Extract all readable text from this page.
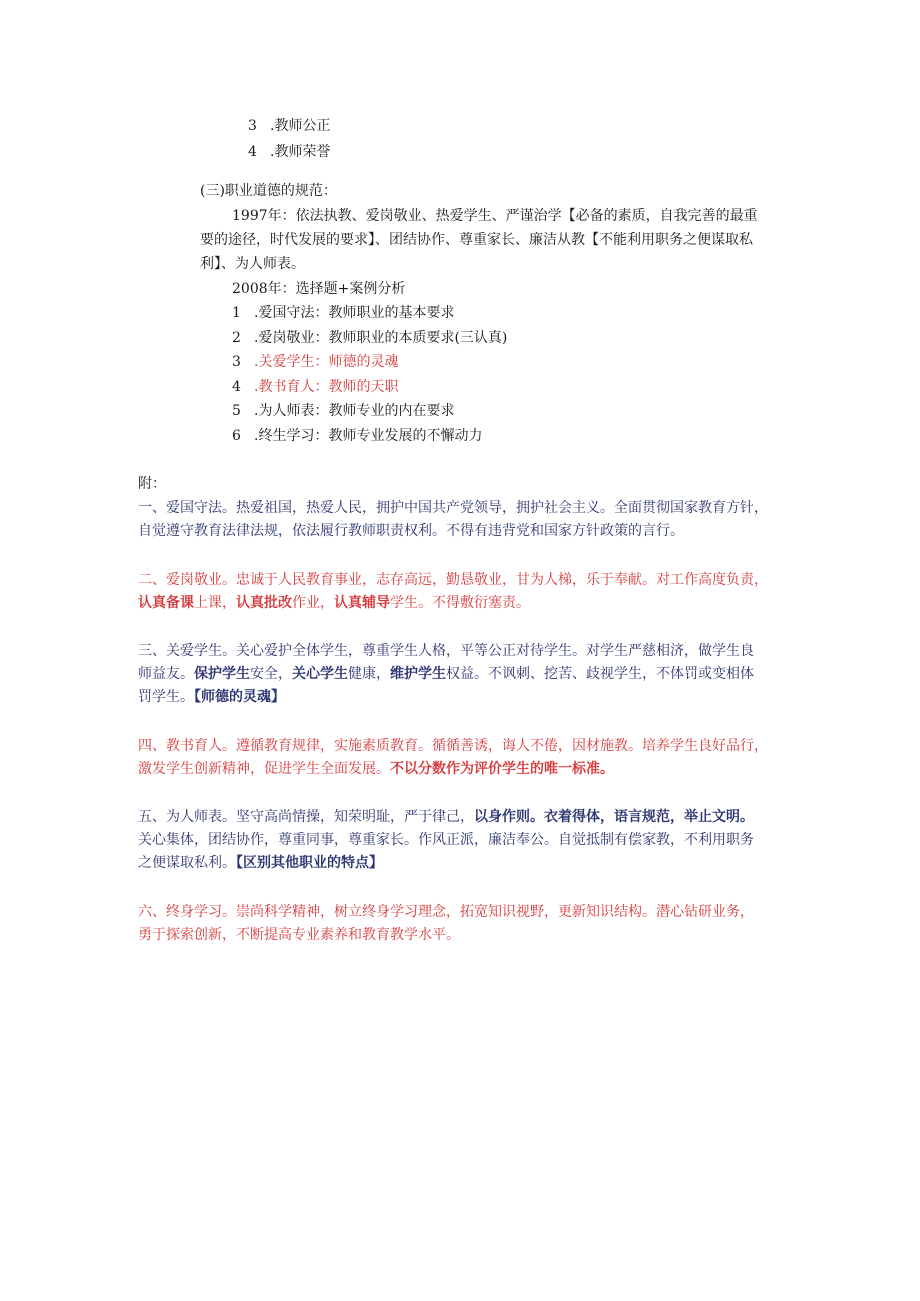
3 .教师公正
4 .教师荣誉
(三)职业道德的规范：
1997年：依法执教、爱岗敬业、热爱学生、严谨治学【必备的素质，自我完善的最重
要的途径，时代发展的要求】、团结协作、尊重家长、廉洁从教【不能利用职务之便谋取私
利】、为人师表。
2008年：选择题+案例分析
1 .爱国守法：教师职业的基本要求
2 .爱岗敬业：教师职业的本质要求(三认真)
3 .关爱学生：师德的灵魂
4 .教书育人：教师的天职
5 .为人师表：教师专业的内在要求
6 .终生学习：教师专业发展的不懈动力
附：

一、爱国守法。热爱祖国，热爱人民，拥护中国共产党领导，拥护社会主义。全面贯彻国家教育方针，

自觉遵守教育法律法规，依法履行教师职责权利。不得有违背党和国家方针政策的言行。

二、爱岗敬业。忠诚于人民教育事业，志存高远，勤恳敬业，甘为人梯，乐于奉献。对工作高度负责，

认真备课上课，认真批改作业，认真辅导学生。不得敷衍塞责。

三、关爱学生。关心爱护全体学生，尊重学生人格，平等公正对待学生。对学生严慈相济，做学生良

师益友。保护学生安全，关心学生健康，维护学生权益。不讽刺、挖苦、歧视学生，不体罚或变相体

罚学生。【师德的灵魂】

四、教书育人。遵循教育规律，实施素质教育。循循善诱，诲人不倦，因材施教。培养学生良好品行，

激发学生创新精神，促进学生全面发展。不以分数作为评价学生的唯一标准。

五、为人师表。坚守高尚情操，知荣明耻，严于律己，以身作则。衣着得体，语言规范，举止文明。

关心集体，团结协作，尊重同事，尊重家长。作风正派，廉洁奉公。自觉抵制有偿家教，不利用职务

之便谋取私利。【区别其他职业的特点】

六、终身学习。崇尚科学精神，树立终身学习理念，拓宽知识视野，更新知识结构。潜心钻研业务，

勇于探索创新，不断提高专业素养和教育教学水平。
